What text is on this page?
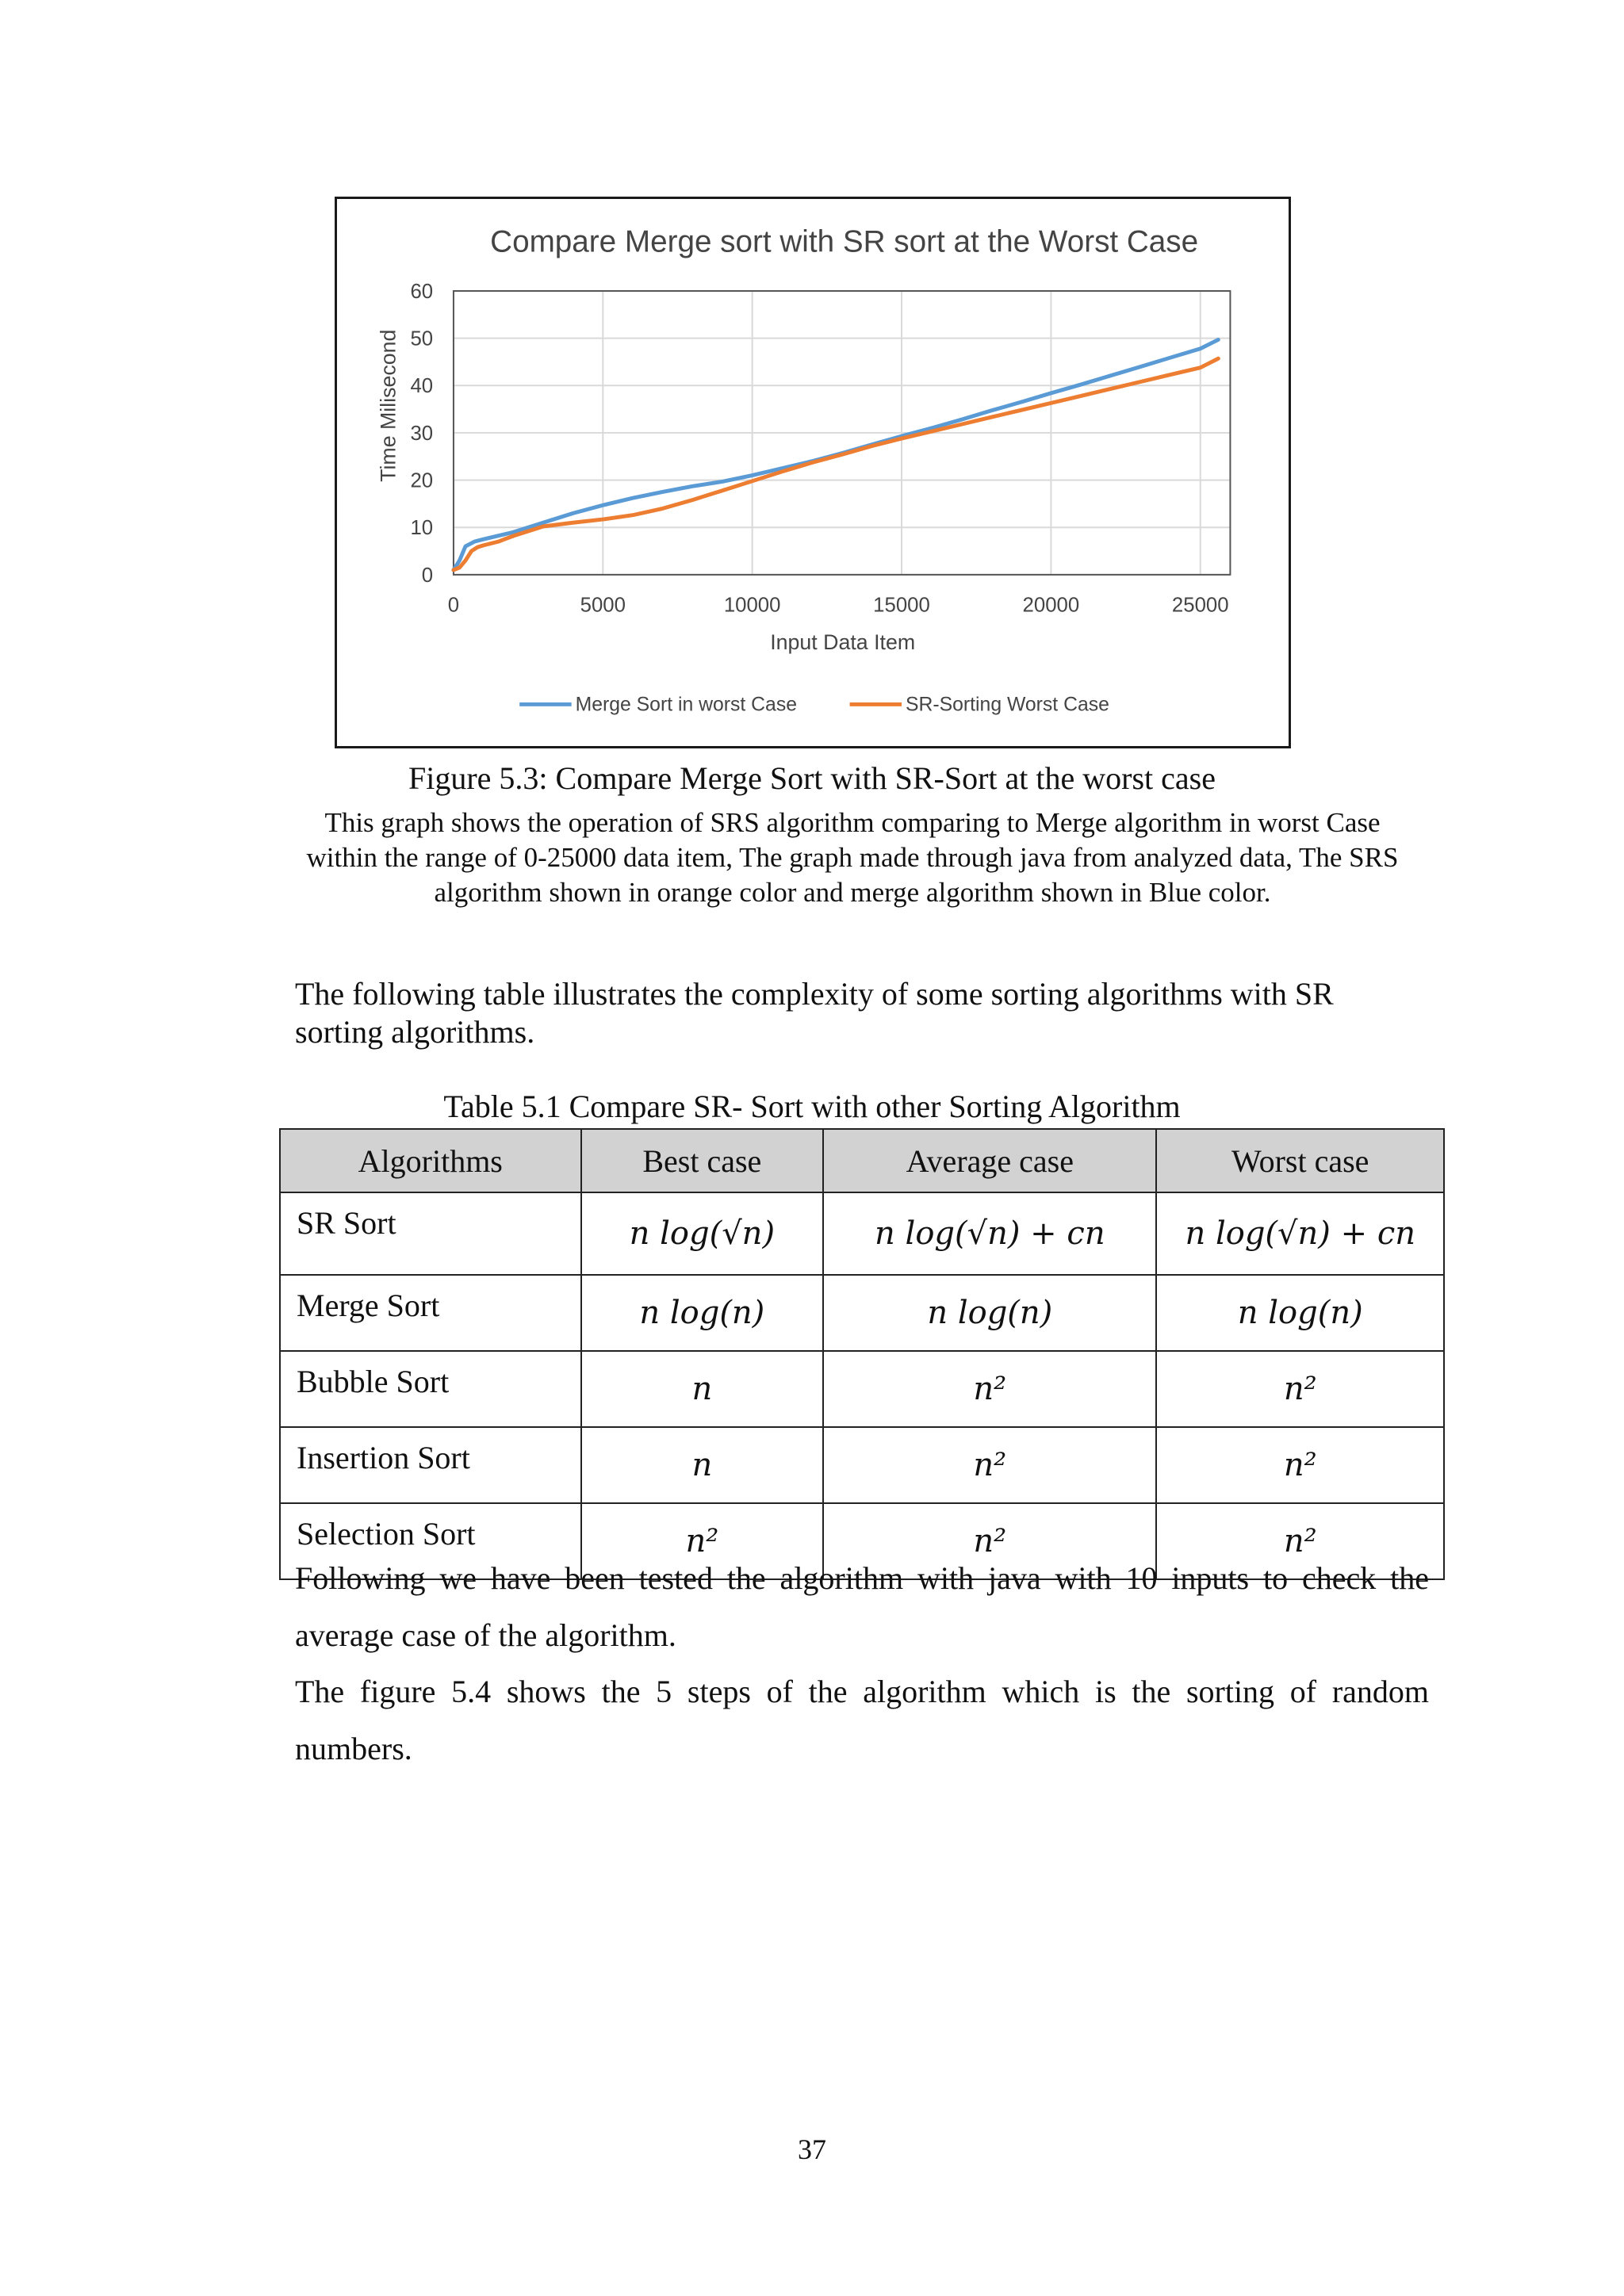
Compare Merge sort with SR sort at the Worst Case
0
10
20
30
40
50
60
0	5000	10000	15000	20000	25000
Time Milisecond
Input Data Item
Merge Sort in worst Case	SR-Sorting Worst Case
Figure 5.3: Compare Merge Sort with SR-Sort at the worst case
This graph shows the operation of SRS algorithm comparing to Merge algorithm in worst Case within the range of 0-25000 data item, The graph made through java from analyzed data, The SRS algorithm shown in orange color and merge algorithm shown in Blue color.
The following table illustrates the complexity of some sorting algorithms with SR sorting algorithms.
Table 5.1 Compare SR- Sort with other Sorting Algorithm
Algorithms	Best case	Average case	Worst case
SR Sort	n log(√n)	n log(√n) + cn	n log(√n) + cn
Merge Sort	n log(n)	n log(n)	n log(n)
Bubble Sort	n	n²	n²
Insertion Sort	n	n²	n²
Selection Sort	n²	n²	n²
Following we have been tested the algorithm with java with 10 inputs to check the average case of the algorithm.
The figure 5.4 shows the 5 steps of the algorithm which is the sorting of random numbers.
37
